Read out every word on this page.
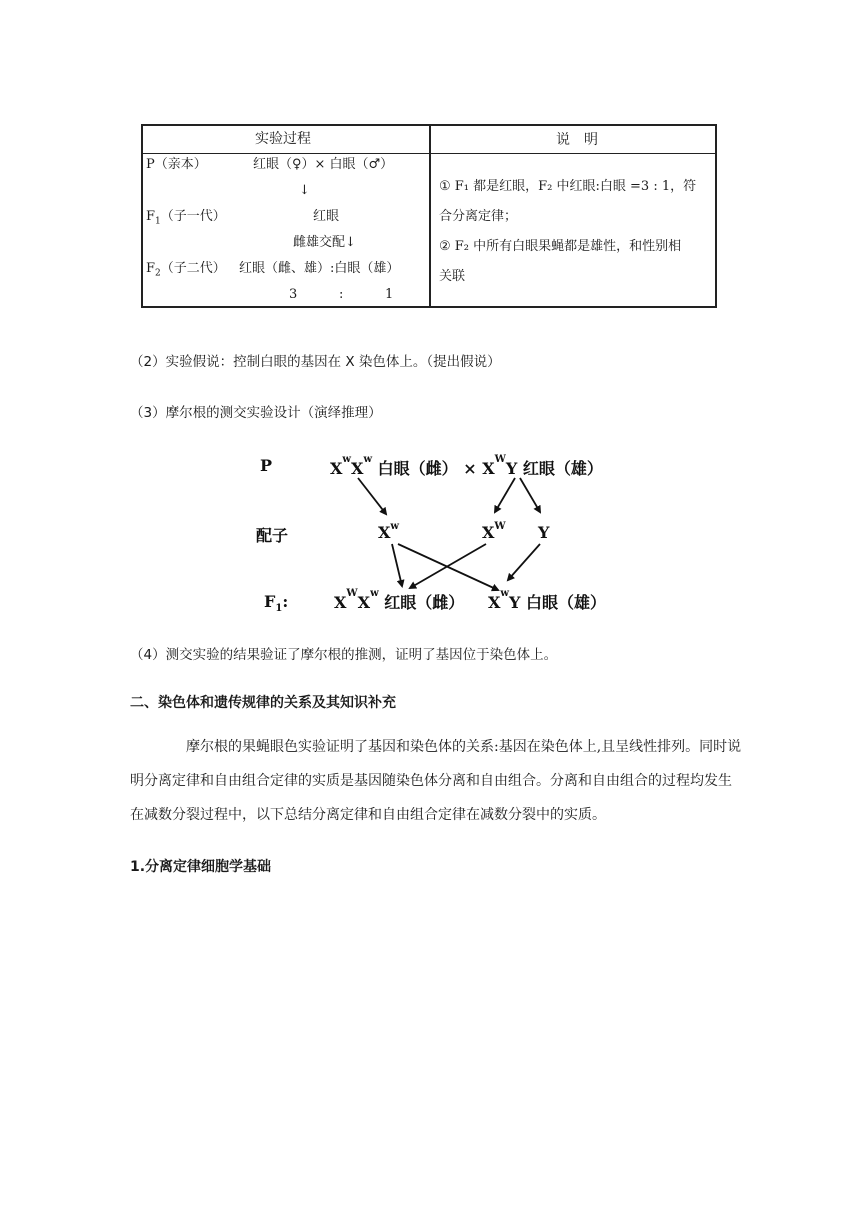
实验过程	说　明
P（亲本）	红眼（♀）× 白眼（♂）
↓
$F_1$（子一代）	红眼
雌雄交配↓
$F_2$（子二代） 红眼（雌、雄）:白眼（雄）
3	:	1
① F₁ 都是红眼，F₂ 中红眼:白眼 =3 : 1，符
合分离定律；
② F₂ 中所有白眼果蝇都是雄性，和性别相
关联
（2）实验假说：控制白眼的基因在 X 染色体上。（提出假说）
（3）摩尔根的测交实验设计（演绎推理）
P
配子
$F_1$:
$X^wX^w$ 白眼（雌） × $X^WY$ 红眼（雄）
$X^w$	$X^W$ Y
$X^WX^w$ 红眼（雌） $X^wY$ 白眼（雄）
（4）测交实验的结果验证了摩尔根的推测，证明了基因位于染色体上。
二、染色体和遗传规律的关系及其知识补充
摩尔根的果蝇眼色实验证明了基因和染色体的关系:基因在染色体上,且呈线性排列。同时说明分离定律和自由组合定律的实质是基因随染色体分离和自由组合。分离和自由组合的过程均发生在减数分裂过程中，以下总结分离定律和自由组合定律在减数分裂中的实质。
1.分离定律细胞学基础
